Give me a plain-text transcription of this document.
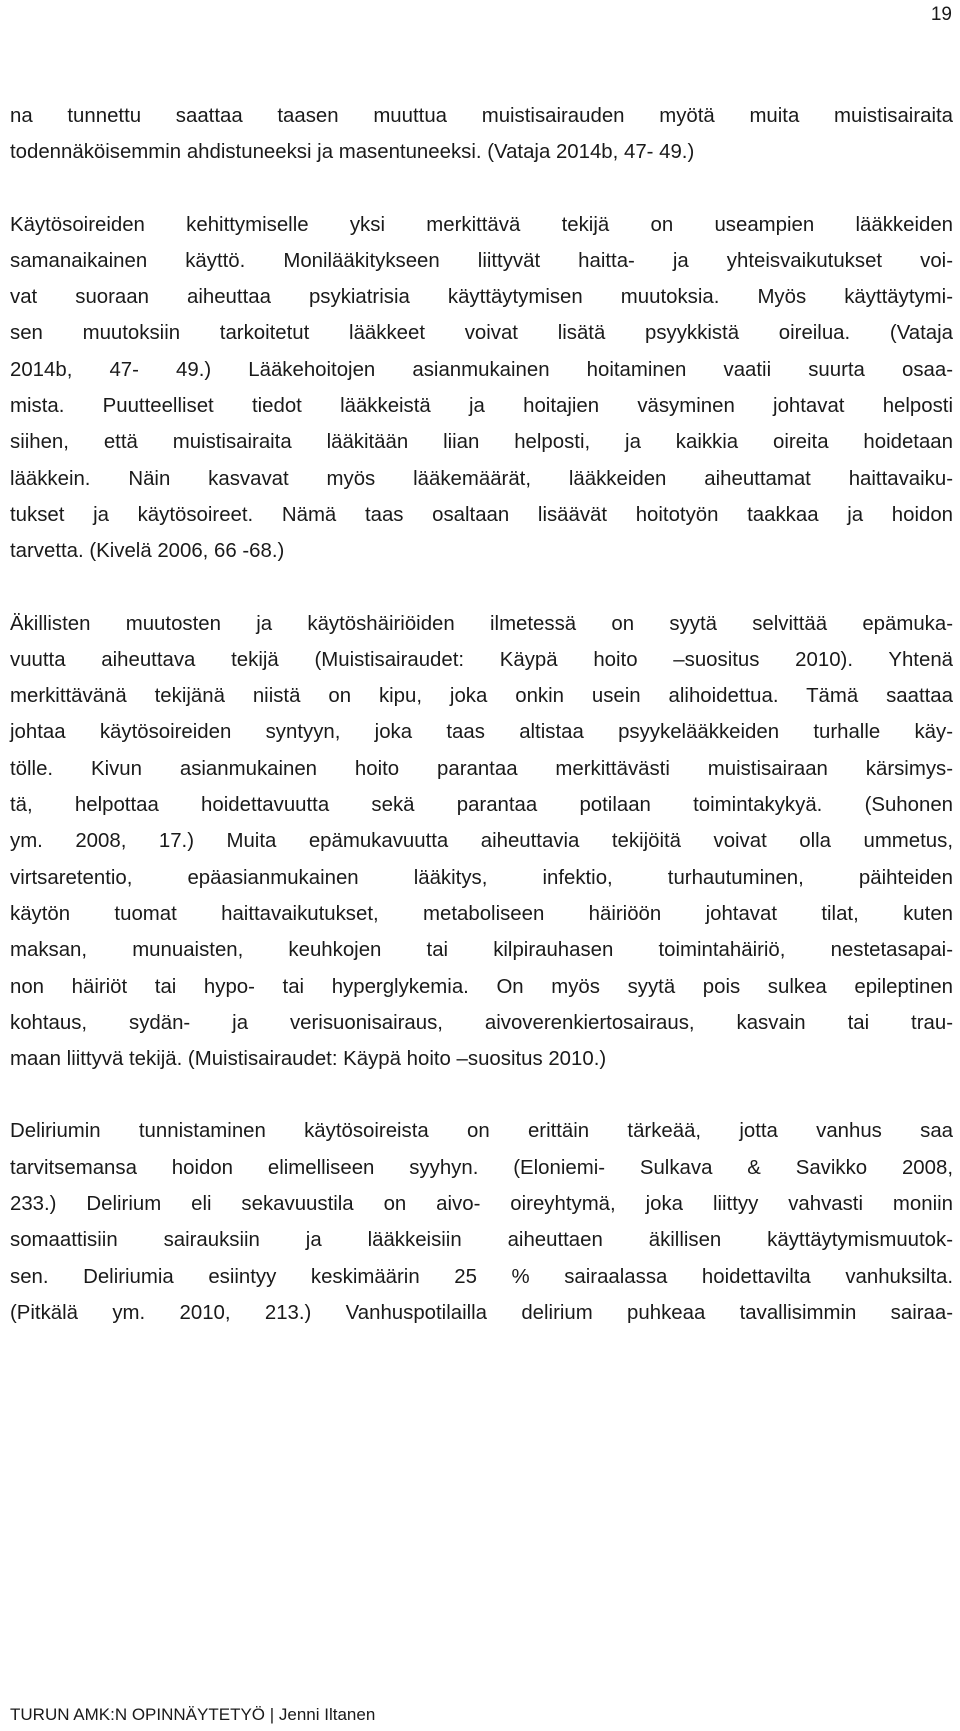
19

na tunnettu saattaa taasen muuttua muistisairauden myötä muita muistisairaita
todennäköisemmin ahdistuneeksi ja masentuneeksi. (Vataja 2014b, 47- 49.)

Käytösoireiden kehittymiselle yksi merkittävä tekijä on useampien lääkkeiden
samanaikainen käyttö. Monilääkitykseen liittyvät haitta- ja yhteisvaikutukset voi-
vat suoraan aiheuttaa psykiatrisia käyttäytymisen muutoksia. Myös käyttäytymi-
sen muutoksiin tarkoitetut lääkkeet voivat lisätä psyykkistä oireilua. (Vataja
2014b, 47- 49.) Lääkehoitojen asianmukainen hoitaminen vaatii suurta osaa-
mista. Puutteelliset tiedot lääkkeistä ja hoitajien väsyminen johtavat helposti
siihen, että muistisairaita lääkitään liian helposti, ja kaikkia oireita hoidetaan
lääkkein. Näin kasvavat myös lääkemäärät, lääkkeiden aiheuttamat haittavaiku-
tukset ja käytösoireet. Nämä taas osaltaan lisäävät hoitotyön taakkaa ja hoidon
tarvetta. (Kivelä 2006, 66 -68.)

Äkillisten muutosten ja käytöshäiriöiden ilmetessä on syytä selvittää epämuka-
vuutta aiheuttava tekijä (Muistisairaudet: Käypä hoito –suositus 2010). Yhtenä
merkittävänä tekijänä niistä on kipu, joka onkin usein alihoidettua. Tämä saattaa
johtaa käytösoireiden syntyyn, joka taas altistaa psyykelääkkeiden turhalle käy-
tölle. Kivun asianmukainen hoito parantaa merkittävästi muistisairaan kärsimys-
tä, helpottaa hoidettavuutta sekä parantaa potilaan toimintakykyä. (Suhonen
ym. 2008, 17.) Muita epämukavuutta aiheuttavia tekijöitä voivat olla ummetus,
virtsaretentio, epäasianmukainen lääkitys, infektio, turhautuminen, päihteiden
käytön tuomat haittavaikutukset, metaboliseen häiriöön johtavat tilat, kuten
maksan, munuaisten, keuhkojen tai kilpirauhasen toimintahäiriö, nestetasapai-
non häiriöt tai hypo- tai hyperglykemia. On myös syytä pois sulkea epileptinen
kohtaus, sydän- ja verisuonisairaus, aivoverenkiertosairaus, kasvain tai trau-
maan liittyvä tekijä. (Muistisairaudet: Käypä hoito –suositus 2010.)

Deliriumin tunnistaminen käytösoireista on erittäin tärkeää, jotta vanhus saa
tarvitsemansa hoidon elimelliseen syyhyn. (Eloniemi- Sulkava & Savikko 2008,
233.) Delirium eli sekavuustila on aivo- oireyhtymä, joka liittyy vahvasti moniin
somaattisiin sairauksiin ja lääkkeisiin aiheuttaen äkillisen käyttäytymismuutok-
sen. Deliriumia esiintyy keskimäärin 25 % sairaalassa hoidettavilta vanhuksilta.
(Pitkälä ym. 2010, 213.) Vanhuspotilailla delirium puhkeaa tavallisimmin sairaa-

TURUN AMK:N OPINNÄYTETYÖ | Jenni Iltanen
